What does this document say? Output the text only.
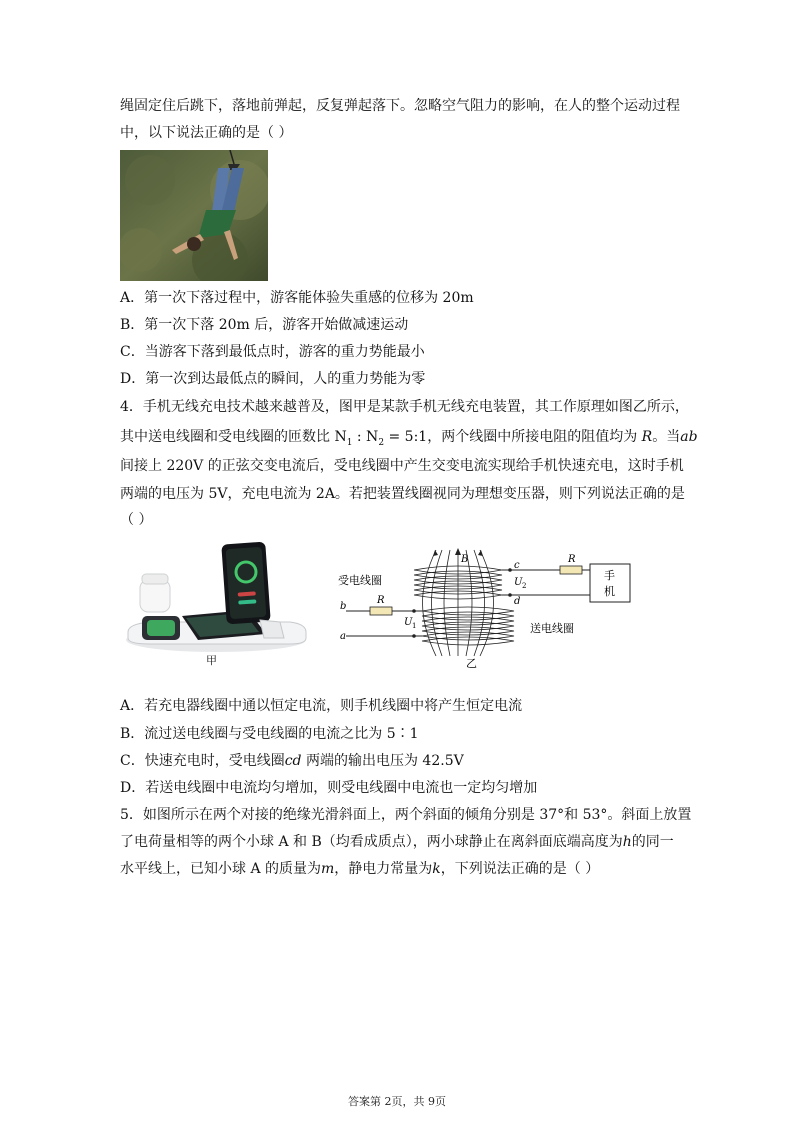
绳固定住后跳下，落地前弹起，反复弹起落下。忽略空气阻力的影响，在人的整个运动过程
中，以下说法正确的是（ ）
A．第一次下落过程中，游客能体验失重感的位移为 20m
B．第一次下落 20m 后，游客开始做减速运动
C．当游客下落到最低点时，游客的重力势能最小
D．第一次到达最低点的瞬间，人的重力势能为零
4．手机无线充电技术越来越普及，图甲是某款手机无线充电装置，其工作原理如图乙所示，
其中送电线圈和受电线圈的匝数比 $N_1$ : $N_2$ = 5:1，两个线圈中所接电阻的阻值均为 R。当ab
间接上 220V 的正弦交变电流后，受电线圈中产生交变电流实现给手机快速充电，这时手机
两端的电压为 5V，充电电流为 2A。若把装置线圈视同为理想变压器，则下列说法正确的是
（ ）
甲
受电线圈
送电线圈
B
c
d
U 2
U 1
R
R
手
机
b
a
乙
A．若充电器线圈中通以恒定电流，则手机线圈中将产生恒定电流
B．流过送电线圈与受电线圈的电流之比为 5∶1
C．快速充电时，受电线圈cd 两端的输出电压为 42.5V
D．若送电线圈中电流均匀增加，则受电线圈中电流也一定均匀增加
5．如图所示在两个对接的绝缘光滑斜面上，两个斜面的倾角分别是 37°和 53°。斜面上放置
了电荷量相等的两个小球 A 和 B（均看成质点），两小球静止在离斜面底端高度为h的同一
水平线上，已知小球 A 的质量为m，静电力常量为k，下列说法正确的是（ ）
答案第 2页，共 9页
